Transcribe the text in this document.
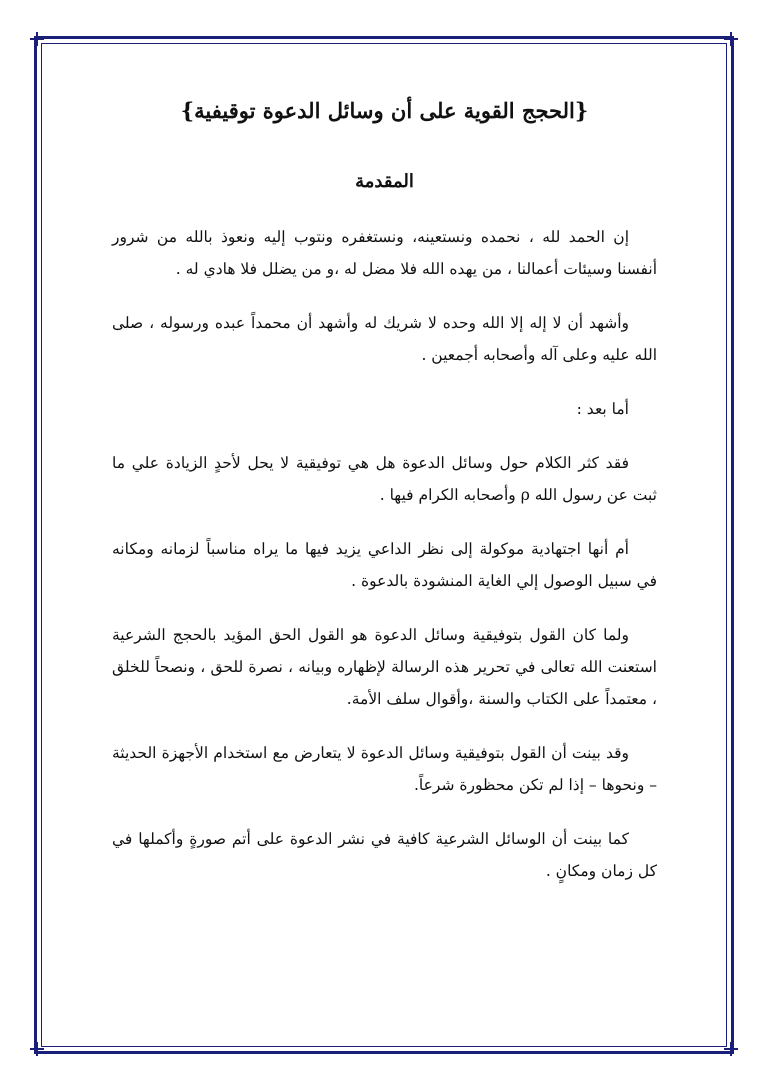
{الحجج القوية على أن وسائل الدعوة توقيفية}
المقدمة

إن الحمد لله ، نحمده ونستعينه، ونستغفره ونتوب إليه ونعوذ بالله من شرور أنفسنا وسيئات أعمالنا ، من يهده الله فلا مضل له ،و من يضلل فلا هادي له .

وأشهد أن لا إله إلا الله وحده لا شريك له وأشهد أن محمداً عبده ورسوله ، صلى الله عليه وعلى آله وأصحابه أجمعين .

أما بعد :

فقد كثر الكلام حول وسائل الدعوة هل هي توفيقية لا يحل لأحدٍ الزيادة علي ما ثبت عن رسول الله ρ وأصحابه الكرام فيها .

أم أنها اجتهادية موكولة إلى نظر الداعي يزيد فيها ما يراه مناسباً لزمانه ومكانه في سبيل الوصول إلي الغاية المنشودة بالدعوة .

ولما كان القول بتوفيقية وسائل الدعوة هو القول الحق المؤيد بالحجج الشرعية استعنت الله تعالى في تحرير هذه الرسالة لإظهاره وبيانه ، نصرة للحق ، ونصحاً للخلق ، معتمداً على الكتاب والسنة ،وأقوال سلف الأمة.

وقد بينت أن القول بتوفيقية وسائل الدعوة لا يتعارض مع استخدام الأجهزة الحديثة – ونحوها – إذا لم تكن محظورة شرعاً.

كما بينت أن الوسائل الشرعية كافية في نشر الدعوة على أتم صورةٍ وأكملها في كل زمان ومكانٍ .
